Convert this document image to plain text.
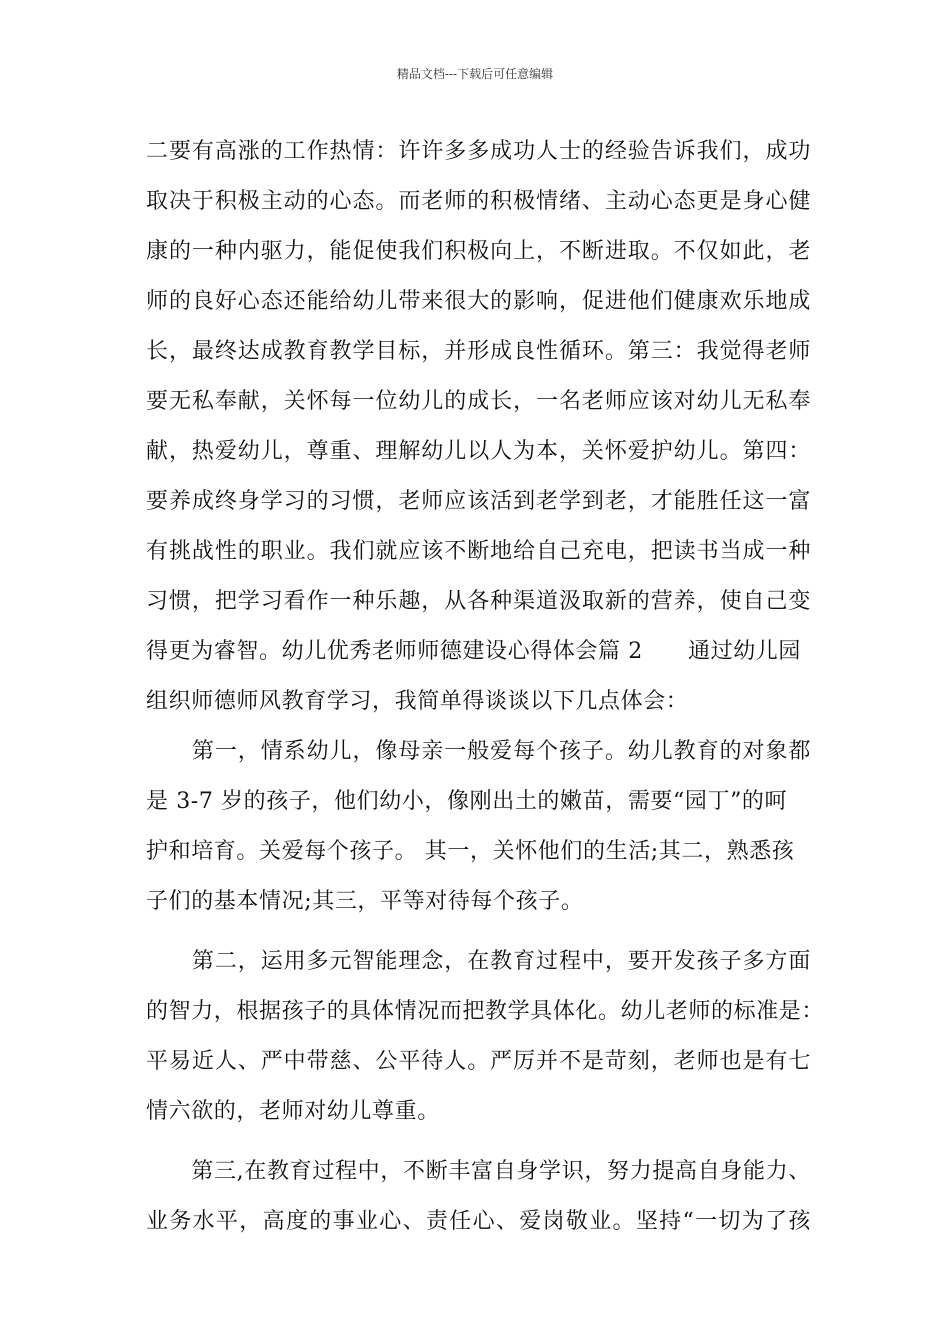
精品文档---下载后可任意编辑
二要有高涨的工作热情：许许多多成功人士的经验告诉我们，成功
取决于积极主动的心态。而老师的积极情绪、主动心态更是身心健
康的一种内驱力，能促使我们积极向上，不断进取。不仅如此，老
师的良好心态还能给幼儿带来很大的影响，促进他们健康欢乐地成
长，最终达成教育教学目标，并形成良性循环。第三：我觉得老师
要无私奉献，关怀每一位幼儿的成长，一名老师应该对幼儿无私奉
献，热爱幼儿，尊重、理解幼儿以人为本，关怀爱护幼儿。第四：
要养成终身学习的习惯，老师应该活到老学到老，才能胜任这一富
有挑战性的职业。我们就应该不断地给自己充电，把读书当成一种
习惯，把学习看作一种乐趣，从各种渠道汲取新的营养，使自己变
得更为睿智。幼儿优秀老师师德建设心得体会篇 2　　通过幼儿园
组织师德师风教育学习，我简单得谈谈以下几点体会：
　　第一，情系幼儿，像母亲一般爱每个孩子。幼儿教育的对象都
是 3-7 岁的孩子，他们幼小，像刚出土的嫩苗，需要“园丁”的呵
护和培育。关爱每个孩子。 其一，关怀他们的生活;其二，熟悉孩
子们的基本情况;其三，平等对待每个孩子。
　　第二，运用多元智能理念，在教育过程中，要开发孩子多方面
的智力，根据孩子的具体情况而把教学具体化。幼儿老师的标准是：
平易近人、严中带慈、公平待人。严厉并不是苛刻，老师也是有七
情六欲的，老师对幼儿尊重。
　　第三,在教育过程中，不断丰富自身学识，努力提高自身能力、
业务水平，高度的事业心、责任心、爱岗敬业。坚持“一切为了孩
